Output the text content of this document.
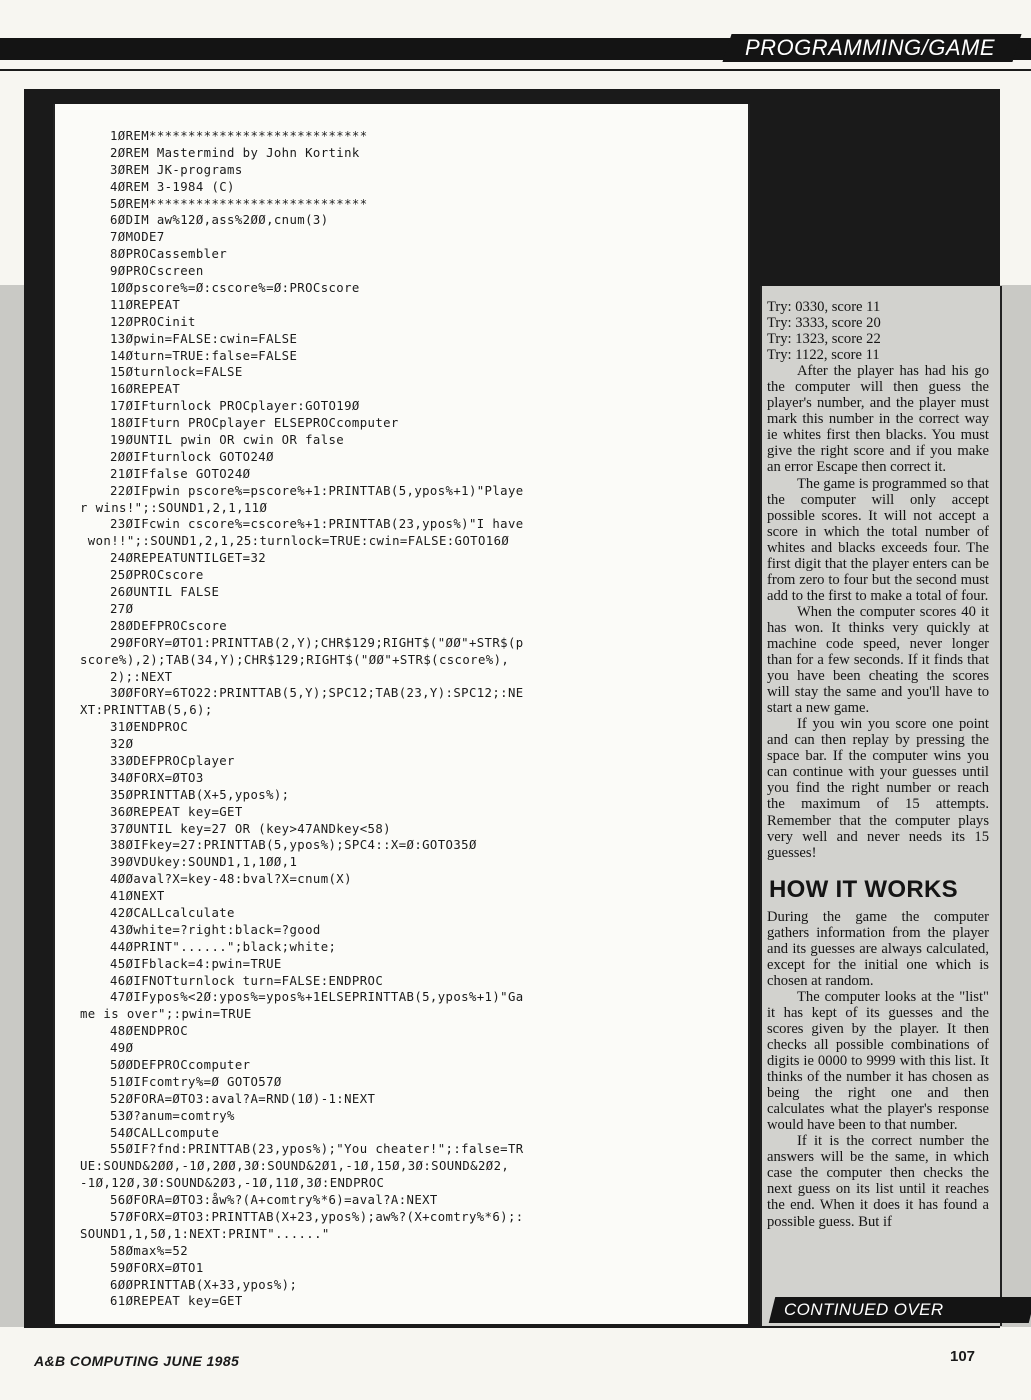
PROGRAMMING/GAME
1ØREM****************************
2ØREM Mastermind by John Kortink
3ØREM JK-programs
4ØREM 3-1984 (C)
5ØREM****************************
6ØDIM aw%12Ø,ass%2ØØ,cnum(3)
7ØMODE7
8ØPROCassembler
9ØPROCscreen
1ØØpscore%=Ø:cscore%=Ø:PROCscore
11ØREPEAT
12ØPROCinit
13Øpwin=FALSE:cwin=FALSE
14Øturn=TRUE:false=FALSE
15Øturnlock=FALSE
16ØREPEAT
17ØIFturnlock PROCplayer:GOTO19Ø
18ØIFturn PROCplayer ELSEPROCcomputer
19ØUNTIL pwin OR cwin OR false
2ØØIFturnlock GOTO24Ø
21ØIFfalse GOTO24Ø
22ØIFpwin pscore%=pscore%+1:PRINTTAB(5,ypos%+1)"Playe
r wins!";:SOUND1,2,1,11Ø
23ØIFcwin cscore%=cscore%+1:PRINTTAB(23,ypos%)"I have
won!!";:SOUND1,2,1,25:turnlock=TRUE:cwin=FALSE:GOTO16Ø
24ØREPEATUNTILGET=32
25ØPROCscore
26ØUNTIL FALSE
27Ø
28ØDEFPROCscore
29ØFORY=ØTO1:PRINTTAB(2,Y);CHR$129;RIGHT$("ØØ"+STR$(p
score%),2);TAB(34,Y);CHR$129;RIGHT$("ØØ"+STR$(cscore%),
2);:NEXT
3ØØFORY=6TO22:PRINTTAB(5,Y);SPC12;TAB(23,Y):SPC12;:NE
XT:PRINTTAB(5,6);
31ØENDPROC
32Ø
33ØDEFPROCplayer
34ØFORX=ØTO3
35ØPRINTTAB(X+5,ypos%);
36ØREPEAT key=GET
37ØUNTIL key=27 OR (key>47ANDkey<58)
38ØIFkey=27:PRINTTAB(5,ypos%);SPC4::X=Ø:GOTO35Ø
39ØVDUkey:SOUND1,1,1ØØ,1
4ØØaval?X=key-48:bval?X=cnum(X)
41ØNEXT
42ØCALLcalculate
43Øwhite=?right:black=?good
44ØPRINT"......";black;white;
45ØIFblack=4:pwin=TRUE
46ØIFNOTturnlock turn=FALSE:ENDPROC
47ØIFypos%<2Ø:ypos%=ypos%+1ELSEPRINTTAB(5,ypos%+1)"Ga
me is over";:pwin=TRUE
48ØENDPROC
49Ø
5ØØDEFPROCcomputer
51ØIFcomtry%=Ø GOTO57Ø
52ØFORA=ØTO3:aval?A=RND(1Ø)-1:NEXT
53Ø?anum=comtry%
54ØCALLcompute
55ØIF?fnd:PRINTTAB(23,ypos%);"You cheater!";:false=TR
UE:SOUND&2ØØ,-1Ø,2ØØ,3Ø:SOUND&2Ø1,-1Ø,15Ø,3Ø:SOUND&2Ø2,
-1Ø,12Ø,3Ø:SOUND&2Ø3,-1Ø,11Ø,3Ø:ENDPROC
56ØFORA=ØTO3:åw%?(A+comtry%*6)=aval?A:NEXT
57ØFORX=ØTO3:PRINTTAB(X+23,ypos%);aw%?(X+comtry%*6);:
SOUND1,1,5Ø,1:NEXT:PRINT"......"
58Ømax%=52
59ØFORX=ØTO1
6ØØPRINTTAB(X+33,ypos%);
61ØREPEAT key=GET
Try: 0330, score 11
Try: 3333, score 20
Try: 1323, score 22
Try: 1122, score 11

After the player has had his go the computer will then guess the player's number, and the player must mark this number in the correct way ie whites first then blacks. You must give the right score and if you make an error Escape then correct it.

The game is programmed so that the computer will only accept possible scores. It will not accept a score in which the total number of whites and blacks exceeds four. The first digit that the player enters can be from zero to four but the second must add to the first to make a total of four.

When the computer scores 40 it has won. It thinks very quickly at machine code speed, never longer than for a few seconds. If it finds that you have been cheating the scores will stay the same and you'll have to start a new game.

If you win you score one point and can then replay by pressing the space bar. If the computer wins you can continue with your guesses until you find the right number or reach the maximum of 15 attempts. Remember that the computer plays very well and never needs its 15 guesses!

HOW IT WORKS

During the game the computer gathers information from the player and its guesses are always calculated, except for the initial one which is chosen at random.

The computer looks at the "list" it has kept of its guesses and the scores given by the player. It then checks all possible combinations of digits ie 0000 to 9999 with this list. It thinks of the number it has chosen as being the right one and then calculates what the player's response would have been to that number.

If it is the correct number the answers will be the same, in which case the computer then checks the next guess on its list until it reaches the end. When it does it has found a possible guess. But if

CONTINUED OVER
A&B COMPUTING JUNE 1985	107
